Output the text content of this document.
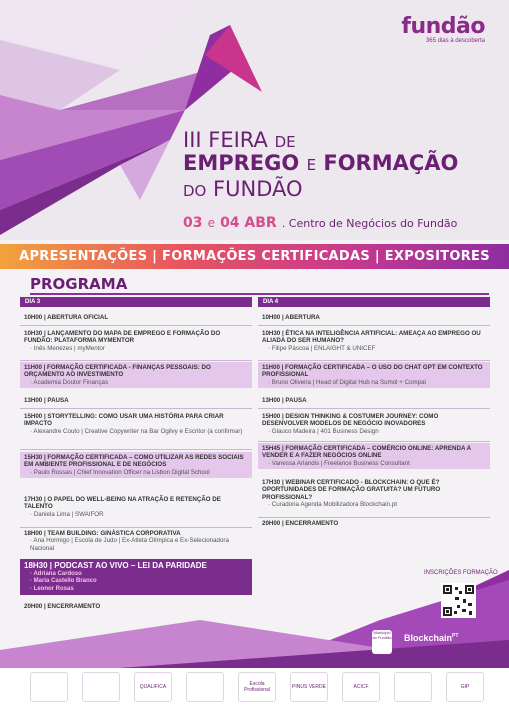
fundão
365 dias à descoberta
III FEIRA DE
EMPREGO E FORMAÇÃO
DO FUNDÃO
03 e 04 ABR . Centro de Negócios do Fundão
APRESENTAÇÕES | FORMAÇÕES CERTIFICADAS | EXPOSITORES
PROGRAMA
DIA 3	DIA 4
10H00 | ABERTURA OFICIAL
10H30 | LANÇAMENTO DO MAPA DE EMPREGO E FORMAÇÃO DO FUNDÃO: PLATAFORMA MYMENTOR
· Inês Menezes | myMentor
11H00 | FORMAÇÃO CERTIFICADA - FINANÇAS PESSOAIS: DO ORÇAMENTO AO INVESTIMENTO
· Academia Doutor Finanças
13H00 | PAUSA
15H00 | STORYTELLING: COMO USAR UMA HISTÓRIA PARA CRIAR IMPACTO
· Alexandre Couto | Creative Copywriter na Bar Ogilvy e Escritor (a confirmar)
15H30 | FORMAÇÃO CERTIFICADA – COMO UTILIZAR AS REDES SOCIAIS EM AMBIENTE PROFISSIONAL E DE NEGÓCIOS
· Paulo Rossas | Chief Innovation Officer na Lisbon Digital School
17H30 | O PAPEL DO WELL-BEING NA ATRAÇÃO E RETENÇÃO DE TALENTO
· Daniela Lima | SWAIFOR
18H00 | TEAM BUILDING: GINÁSTICA CORPORATIVA
· Ana Hormigo | Escola de Judo | Ex-Atleta Olímpica e Ex-Selecionadora Nacional
18H30 | PODCAST AO VIVO – LEI DA PARIDADE
· Adriana Cardoso
· Maria Castello Branco
· Leonor Rosas
20H00 | ENCERRAMENTO
10H00 | ABERTURA
10H30 | ÉTICA NA INTELIGÊNCIA ARTIFICIAL: AMEAÇA AO EMPREGO OU ALIADA DO SER HUMANO?
· Filipe Páscoa | ENLAIGHT & UNICEF
11H00 | FORMAÇÃO CERTIFICADA – O USO DO CHAT GPT EM CONTEXTO PROFISSIONAL
· Bruno Oliveira | Head of Digital Hub na Sumol + Compal
13H00 | PAUSA
15H00 | DESIGN THINKING & COSTUMER JOURNEY: COMO DESENVOLVER MODELOS DE NEGÓCIO INOVADORES
· Glauco Madeira | 401 Business Design
15H45 | FORMAÇÃO CERTIFICADA – COMÉRCIO ONLINE: APRENDA A VENDER E A FAZER NEGÓCIOS ONLINE
· Vanessa Arlandis | Freelance Business Consultant
17H30 | WEBINAR CERTIFICADO - BLOCKCHAIN: O QUE É? OPORTUNIDADES DE FORMAÇÃO GRATUITA? UM FUTURO PROFISSIONAL?
· Curadoria Agenda Mobilizadora Blockchain.pt
20H00 | ENCERRAMENTO
INSCRIÇÕES FORMAÇÃO
Município do Fundão Blockchain$^{PT}$
QUALIFICA	Escola Profissional	PINUS VERDE	ACICF	GIP
